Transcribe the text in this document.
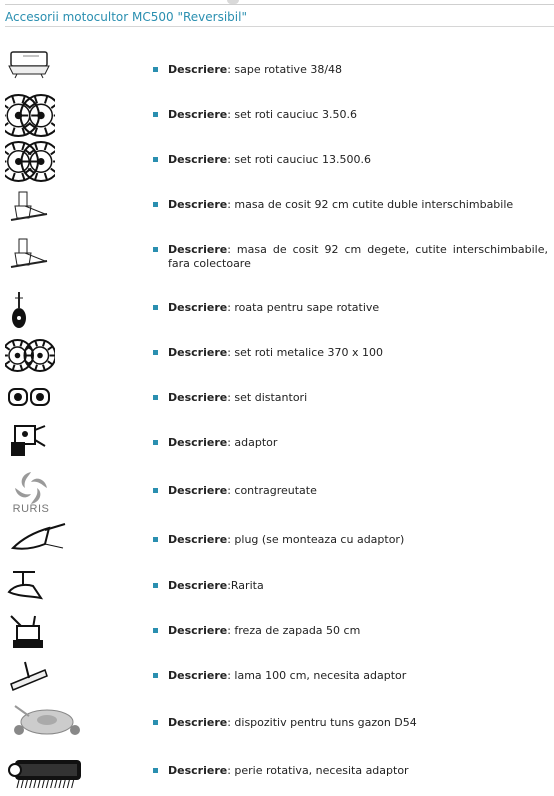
Accesorii motocultor MC500 "Reversibil"
Descriere: sape rotative 38/48
Descriere: set roti cauciuc 3.50.6
Descriere: set roti cauciuc 13.500.6
Descriere: masa de cosit 92 cm cutite duble interschimbabile
Descriere: masa de cosit 92 cm degete, cutite interschimbabile, fara colectoare
Descriere: roata pentru sape rotative
Descriere: set roti metalice 370 x 100
Descriere: set distantori
Descriere: adaptor
RURIS
Descriere: contragreutate
Descriere: plug (se monteaza cu adaptor)
Descriere:Rarita
Descriere: freza de zapada 50 cm
Descriere: lama 100 cm, necesita adaptor
Descriere: dispozitiv pentru tuns gazon D54
Descriere: perie rotativa, necesita adaptor
